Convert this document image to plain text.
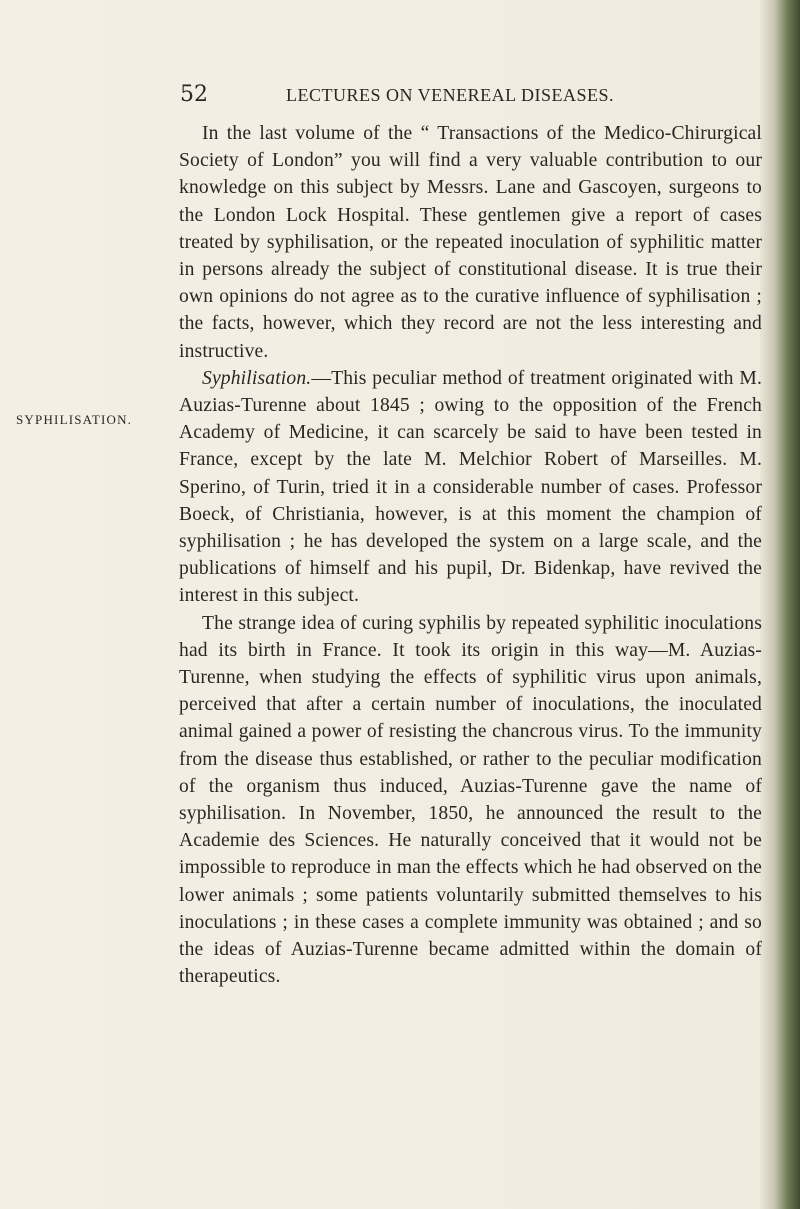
52	LECTURES ON VENEREAL DISEASES.
SYPHILISATION.

In the last volume of the “ Transactions of the Medico-Chirurgical Society of London” you will find a very valuable contribution to our knowledge on this subject by Messrs. Lane and Gascoyen, surgeons to the London Lock Hospital. These gentlemen give a report of cases treated by syphilisation, or the repeated inoculation of syphilitic matter in persons already the subject of constitutional disease. It is true their own opinions do not agree as to the curative influence of syphilisation ; the facts, however, which they record are not the less interesting and instructive.

Syphilisation.—This peculiar method of treatment originated with M. Auzias-Turenne about 1845 ; owing to the opposition of the French Academy of Medicine, it can scarcely be said to have been tested in France, except by the late M. Melchior Robert of Marseilles. M. Sperino, of Turin, tried it in a considerable number of cases. Professor Boeck, of Christiania, however, is at this moment the champion of syphilisation ; he has developed the system on a large scale, and the publications of himself and his pupil, Dr. Bidenkap, have revived the interest in this subject.

The strange idea of curing syphilis by repeated syphilitic inoculations had its birth in France. It took its origin in this way—M. Auzias-Turenne, when studying the effects of syphilitic virus upon animals, perceived that after a certain number of inoculations, the inoculated animal gained a power of resisting the chancrous virus. To the immunity from the disease thus established, or rather to the peculiar modification of the organism thus induced, Auzias-Turenne gave the name of syphilisation. In November, 1850, he announced the result to the Academie des Sciences. He naturally conceived that it would not be impossible to reproduce in man the effects which he had observed on the lower animals ; some patients voluntarily submitted themselves to his inoculations ; in these cases a complete immunity was obtained ; and so the ideas of Auzias-Turenne became admitted within the domain of therapeutics.
